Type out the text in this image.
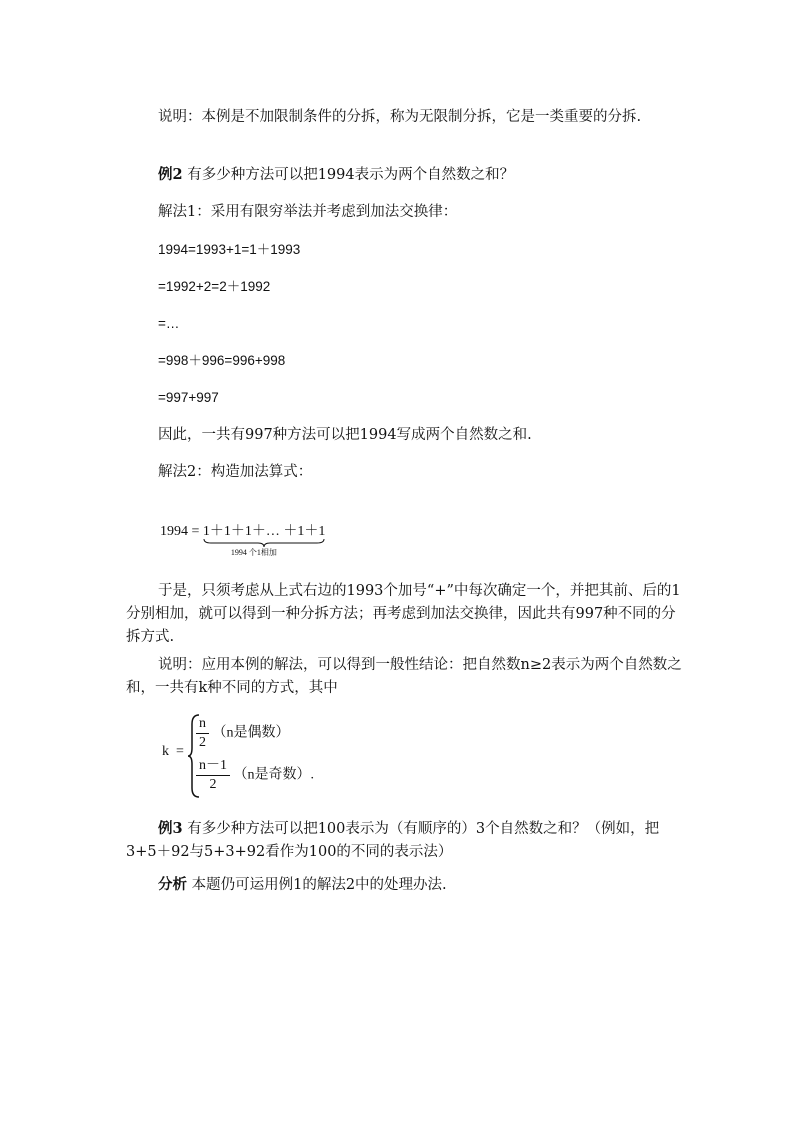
说明：本例是不加限制条件的分拆，称为无限制分拆，它是一类重要的分拆.
例2 有多少种方法可以把1994表示为两个自然数之和？
解法1：采用有限穷举法并考虑到加法交换律：
1994=1993+1=1＋1993
=1992+2=2＋1992
=…
=998＋996=996+998
=997+997
因此，一共有997种方法可以把1994写成两个自然数之和.
解法2：构造加法算式：
1994 = 1＋1＋1＋… ＋1＋1
1994 个1相加
于是，只须考虑从上式右边的1993个加号“+”中每次确定一个，并把其前、后的1分别相加，就可以得到一种分拆方法；再考虑到加法交换律，因此共有997种不同的分拆方式.
说明：应用本例的解法，可以得到一般性结论：把自然数n≥2表示为两个自然数之和，一共有k种不同的方式，其中
$k = \frac{n}{2} (n$是偶数）
$\frac{n-1}{2} (n$是奇数）.
例3 有多少种方法可以把100表示为（有顺序的）3个自然数之和？（例如，把3+5＋92与5+3+92看作为100的不同的表示法）
分析 本题仍可运用例1的解法2中的处理办法.
